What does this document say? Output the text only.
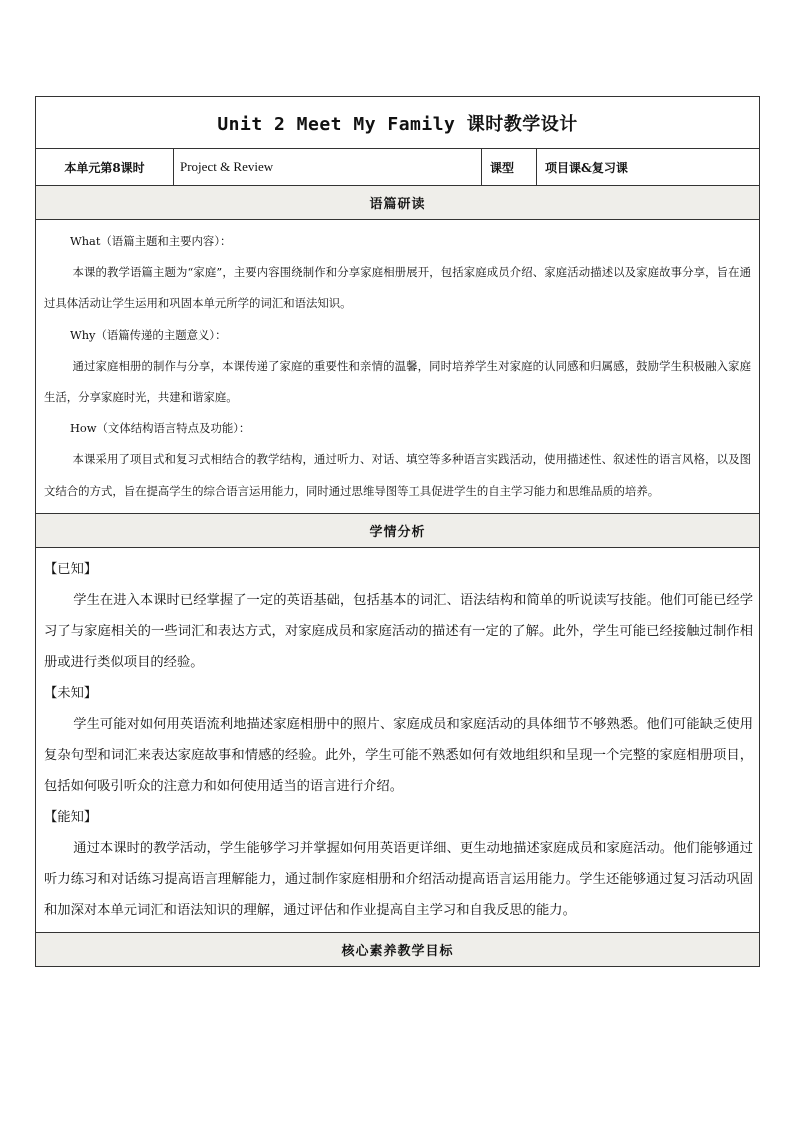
Unit 2 Meet My Family 课时教学设计
本单元第8课时	Project & Review	课型	项目课&复习课
语篇研读

What（语篇主题和主要内容）：

本课的教学语篇主题为“家庭”，主要内容围绕制作和分享家庭相册展开，包括家庭成员介绍、家庭活动描述以及家庭故事分享，旨在通过具体活动让学生运用和巩固本单元所学的词汇和语法知识。

Why（语篇传递的主题意义）：

通过家庭相册的制作与分享，本课传递了家庭的重要性和亲情的温馨，同时培养学生对家庭的认同感和归属感，鼓励学生积极融入家庭生活，分享家庭时光，共建和谐家庭。

How（文体结构语言特点及功能）：

本课采用了项目式和复习式相结合的教学结构，通过听力、对话、填空等多种语言实践活动，使用描述性、叙述性的语言风格，以及图文结合的方式，旨在提高学生的综合语言运用能力，同时通过思维导图等工具促进学生的自主学习能力和思维品质的培养。

学情分析

【已知】

学生在进入本课时已经掌握了一定的英语基础，包括基本的词汇、语法结构和简单的听说读写技能。他们可能已经学习了与家庭相关的一些词汇和表达方式，对家庭成员和家庭活动的描述有一定的了解。此外，学生可能已经接触过制作相册或进行类似项目的经验。

【未知】

学生可能对如何用英语流利地描述家庭相册中的照片、家庭成员和家庭活动的具体细节不够熟悉。他们可能缺乏使用复杂句型和词汇来表达家庭故事和情感的经验。此外，学生可能不熟悉如何有效地组织和呈现一个完整的家庭相册项目，包括如何吸引听众的注意力和如何使用适当的语言进行介绍。

【能知】

通过本课时的教学活动，学生能够学习并掌握如何用英语更详细、更生动地描述家庭成员和家庭活动。他们能够通过听力练习和对话练习提高语言理解能力，通过制作家庭相册和介绍活动提高语言运用能力。学生还能够通过复习活动巩固和加深对本单元词汇和语法知识的理解，通过评估和作业提高自主学习和自我反思的能力。

核心素养教学目标
